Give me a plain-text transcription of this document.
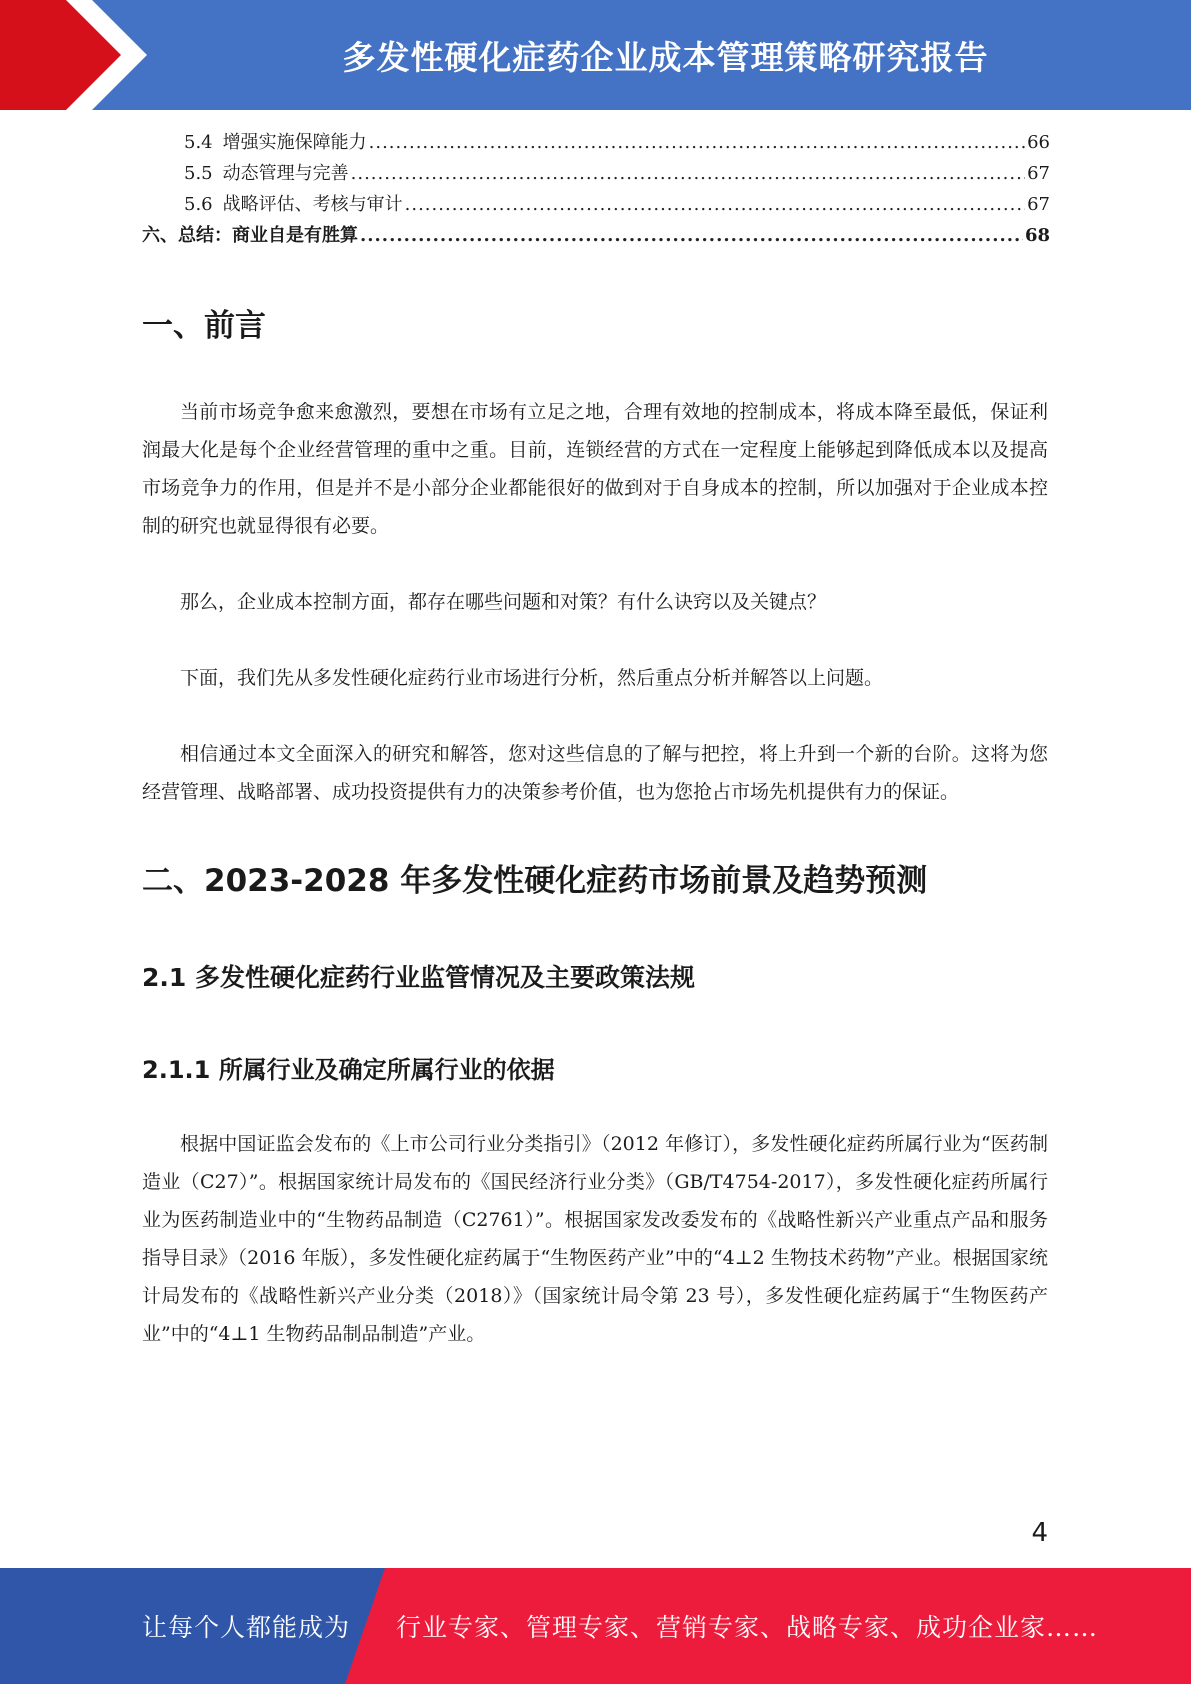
多发性硬化症药企业成本管理策略研究报告
5.4 增强实施保障能力 .....	66
5.5 动态管理与完善 .....	67
5.6 战略评估、考核与审计 .....	67
六、总结：商业自是有胜算 .....	68
一、前言

当前市场竞争愈来愈激烈，要想在市场有立足之地，合理有效地的控制成本，将成本降至最低，保证利润最大化是每个企业经营管理的重中之重。目前，连锁经营的方式在一定程度上能够起到降低成本以及提高市场竞争力的作用，但是并不是小部分企业都能很好的做到对于自身成本的控制，所以加强对于企业成本控制的研究也就显得很有必要。

那么，企业成本控制方面，都存在哪些问题和对策？有什么诀窍以及关键点？

下面，我们先从多发性硬化症药行业市场进行分析，然后重点分析并解答以上问题。

相信通过本文全面深入的研究和解答，您对这些信息的了解与把控，将上升到一个新的台阶。这将为您经营管理、战略部署、成功投资提供有力的决策参考价值，也为您抢占市场先机提供有力的保证。

二、2023-2028 年多发性硬化症药市场前景及趋势预测
2.1 多发性硬化症药行业监管情况及主要政策法规
2.1.1 所属行业及确定所属行业的依据

根据中国证监会发布的《上市公司行业分类指引》（2012 年修订），多发性硬化症药所属行业为“医药制造业（C27）”。根据国家统计局发布的《国民经济行业分类》（GB/T4754-2017），多发性硬化症药所属行业为医药制造业中的“生物药品制造（C2761）”。根据国家发改委发布的《战略性新兴产业重点产品和服务指导目录》（2016 年版），多发性硬化症药属于“生物医药产业”中的“4⊥2 生物技术药物”产业。根据国家统计局发布的《战略性新兴产业分类（2018）》（国家统计局令第 23 号），多发性硬化症药属于“生物医药产业”中的“4⊥1 生物药品制品制造”产业。

4
让每个人都能成为 行业专家、管理专家、营销专家、战略专家、成功企业家……
